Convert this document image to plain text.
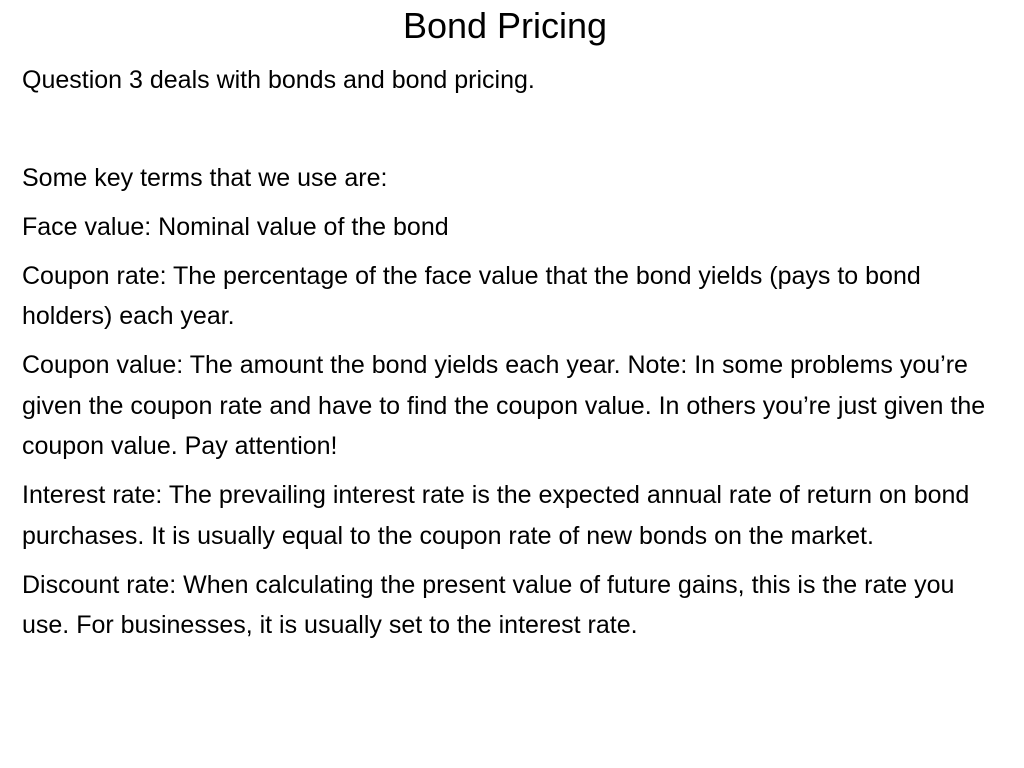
Bond Pricing

Question 3 deals with bonds and bond pricing.

Some key terms that we use are:

Face value: Nominal value of the bond

Coupon rate: The percentage of the face value that the bond yields (pays to bond holders) each year.

Coupon value: The amount the bond yields each year. Note: In some problems you’re given the coupon rate and have to find the coupon value. In others you’re just given the coupon value. Pay attention!

Interest rate: The prevailing interest rate is the expected annual rate of return on bond purchases. It is usually equal to the coupon rate of new bonds on the market.

Discount rate: When calculating the present value of future gains, this is the rate you use. For businesses, it is usually set to the interest rate.
